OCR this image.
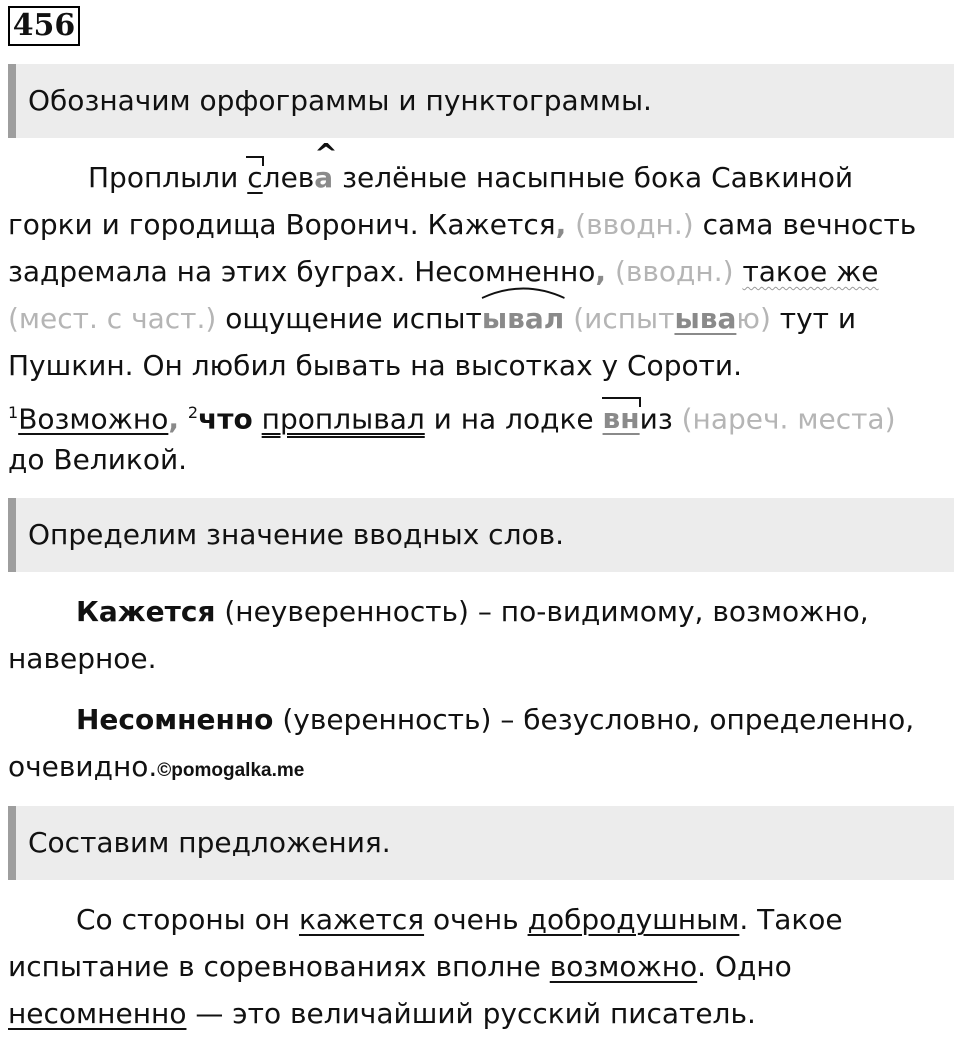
456
Обозначим орфограммы и пунктограммы.
Проплыли слев^ а зелёные насыпные бока Савкиной
горки и городища Воронич. Кажется, (вводн.) сама вечность
задремала на этих буграх. Несомненно, (вводн.) такое же
(мест. с част.) ощущение испытывал (испытываю) тут и
Пушкин. Он любил бывать на высотках у Сороти.
$^1$Возможно, $^2$что проплывал и на лодке вниз (нареч. места)
до Великой.
Определим значение вводных слов.
Кажется (неуверенность) – по-видимому, возможно,
наверное.
Несомненно (уверенность) – безусловно, определенно,
очевидно.©pomogalka.me
Составим предложения.
Со стороны он кажется очень добродушным. Такое
испытание в соревнованиях вполне возможно. Одно
несомненно — это величайший русский писатель.
